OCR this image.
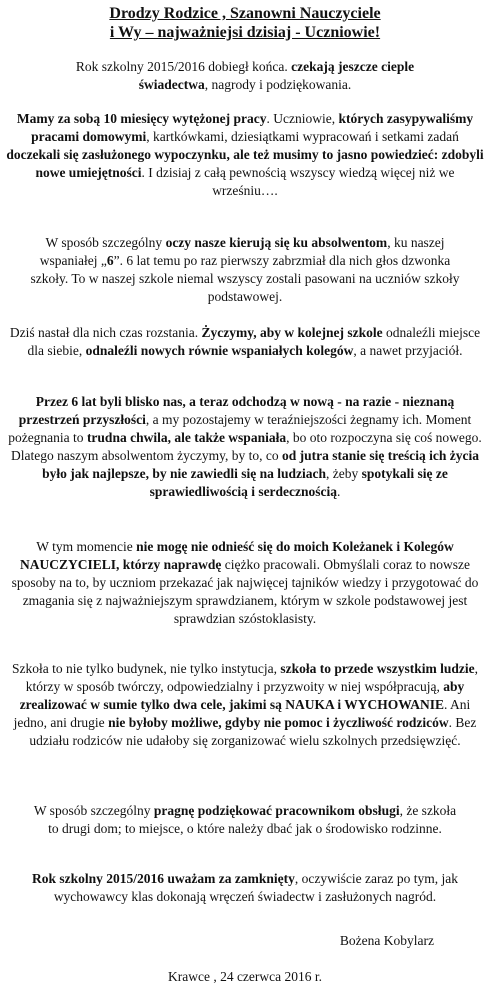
Drodzy Rodzice , Szanowni Nauczyciele
i Wy – najważniejsi dzisiaj - Uczniowie!
Rok szkolny 2015/2016 dobiegł końca. czekają jeszcze cieple świadectwa, nagrody i podziękowania.
Mamy za sobą 10 miesięcy wytężonej pracy. Uczniowie, których zasypywaliśmy pracami domowymi, kartkówkami, dziesiątkami wypracowań i setkami zadań doczekali się zasłużonego wypoczynku, ale też musimy to jasno powiedzieć: zdobyli nowe umiejętności. I dzisiaj z całą pewnością wszyscy wiedzą więcej niż we wrześniu….
W sposób szczególny oczy nasze kierują się ku absolwentom, ku naszej wspaniałej „6”. 6 lat temu po raz pierwszy zabrzmiał dla nich głos dzwonka szkoły. To w naszej szkole niemal wszyscy zostali pasowani na uczniów szkoły podstawowej.
Dziś nastał dla nich czas rozstania. Życzymy, aby w kolejnej szkole odnaleźli miejsce dla siebie, odnaleźli nowych równie wspaniałych kolegów, a nawet przyjaciół.
Przez 6 lat byli blisko nas, a teraz odchodzą w nową - na razie - nieznaną przestrzeń przyszłości, a my pozostajemy w teraźniejszości żegnamy ich. Moment pożegnania to trudna chwila, ale także wspaniała, bo oto rozpoczyna się coś nowego. Dlatego naszym absolwentom życzymy, by to, co od jutra stanie się treścią ich życia było jak najlepsze, by nie zawiedli się na ludziach, żeby spotykali się ze sprawiedliwością i serdecznością.
W tym momencie nie mogę nie odnieść się do moich Koleżanek i Kolegów NAUCZYCIELI, którzy naprawdę ciężko pracowali. Obmyślali coraz to nowsze sposoby na to, by uczniom przekazać jak najwięcej tajników wiedzy i przygotować do zmagania się z najważniejszym sprawdzianem, którym w szkole podstawowej jest sprawdzian szóstoklasisty.
Szkoła to nie tylko budynek, nie tylko instytucja, szkoła to przede wszystkim ludzie, którzy w sposób twórczy, odpowiedzialny i przyzwoity w niej współpracują, aby zrealizować w sumie tylko dwa cele, jakimi są NAUKA i WYCHOWANIE. Ani jedno, ani drugie nie byłoby możliwe, gdyby nie pomoc i życzliwość rodziców. Bez udziału rodziców nie udałoby się zorganizować wielu szkolnych przedsięwzięć.
W sposób szczególny pragnę podziękować pracownikom obsługi, że szkoła to drugi dom; to miejsce, o które należy dbać jak o środowisko rodzinne.
Rok szkolny 2015/2016 uważam za zamknięty, oczywiście zaraz po tym, jak wychowawcy klas dokonają wręczeń świadectw i zasłużonych nagród.
Bożena Kobylarz
Krawce , 24 czerwca 2016 r.
